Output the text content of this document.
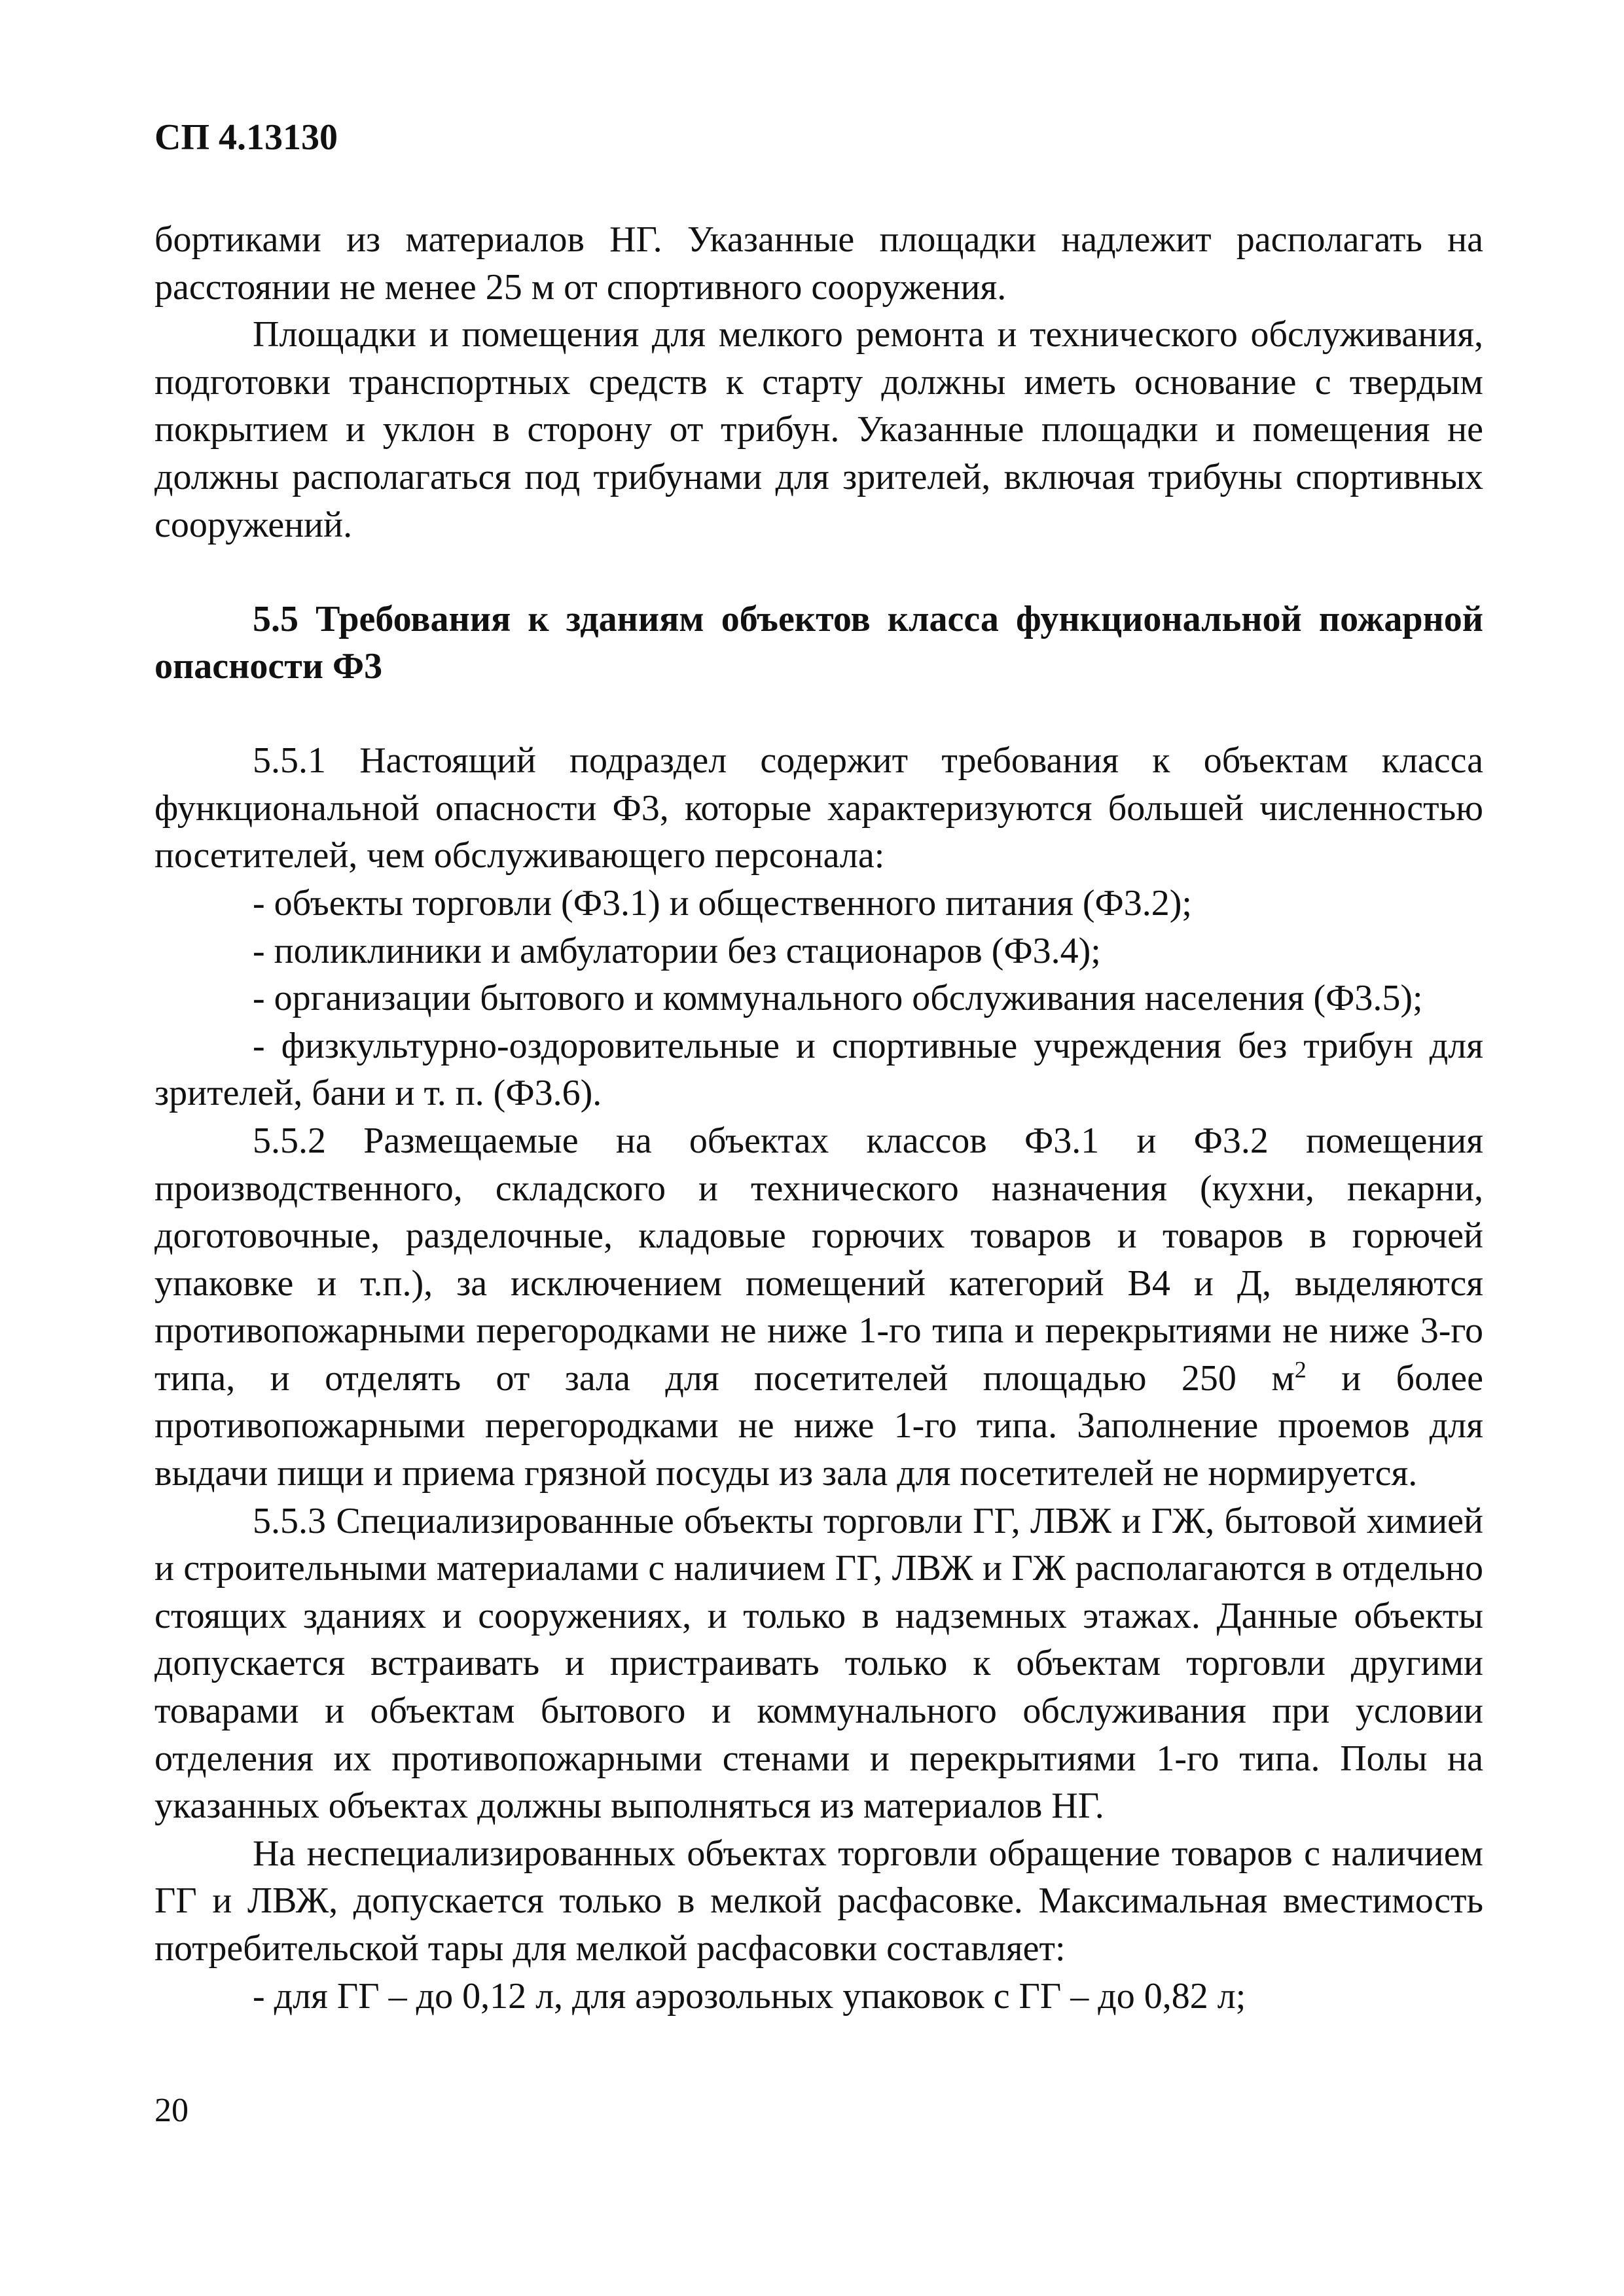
СП 4.13130

бортиками из материалов НГ. Указанные площадки надлежит располагать на расстоянии не менее 25 м от спортивного сооружения.

Площадки и помещения для мелкого ремонта и технического обслуживания, подготовки транспортных средств к старту должны иметь основание с твердым покрытием и уклон в сторону от трибун. Указанные площадки и помещения не должны располагаться под трибунами для зрителей, включая трибуны спортивных сооружений.

5.5 Требования к зданиям объектов класса функциональной пожарной опасности Ф3

5.5.1 Настоящий подраздел содержит требования к объектам класса функциональной опасности Ф3, которые характеризуются большей численностью посетителей, чем обслуживающего персонала:

- объекты торговли (Ф3.1) и общественного питания (Ф3.2);

- поликлиники и амбулатории без стационаров (Ф3.4);

- организации бытового и коммунального обслуживания населения (Ф3.5);

- физкультурно-оздоровительные и спортивные учреждения без трибун для зрителей, бани и т. п. (Ф3.6).

5.5.2 Размещаемые на объектах классов Ф3.1 и Ф3.2 помещения производственного, складского и технического назначения (кухни, пекарни, доготовочные, разделочные, кладовые горючих товаров и товаров в горючей упаковке и т.п.), за исключением помещений категорий В4 и Д, выделяются противопожарными перегородками не ниже 1-го типа и перекрытиями не ниже 3-го типа, и отделять от зала для посетителей площадью 250 $м^2$ и более противопожарными перегородками не ниже 1-го типа. Заполнение проемов для выдачи пищи и приема грязной посуды из зала для посетителей не нормируется.

5.5.3 Специализированные объекты торговли ГГ, ЛВЖ и ГЖ, бытовой химией и строительными материалами с наличием ГГ, ЛВЖ и ГЖ располагаются в отдельно стоящих зданиях и сооружениях, и только в надземных этажах. Данные объекты допускается встраивать и пристраивать только к объектам торговли другими товарами и объектам бытового и коммунального обслуживания при условии отделения их противопожарными стенами и перекрытиями 1-го типа. Полы на указанных объектах должны выполняться из материалов НГ.

На неспециализированных объектах торговли обращение товаров с наличием ГГ и ЛВЖ, допускается только в мелкой расфасовке. Максимальная вместимость потребительской тары для мелкой расфасовки составляет:

- для ГГ – до 0,12 л, для аэрозольных упаковок с ГГ – до 0,82 л;

20
